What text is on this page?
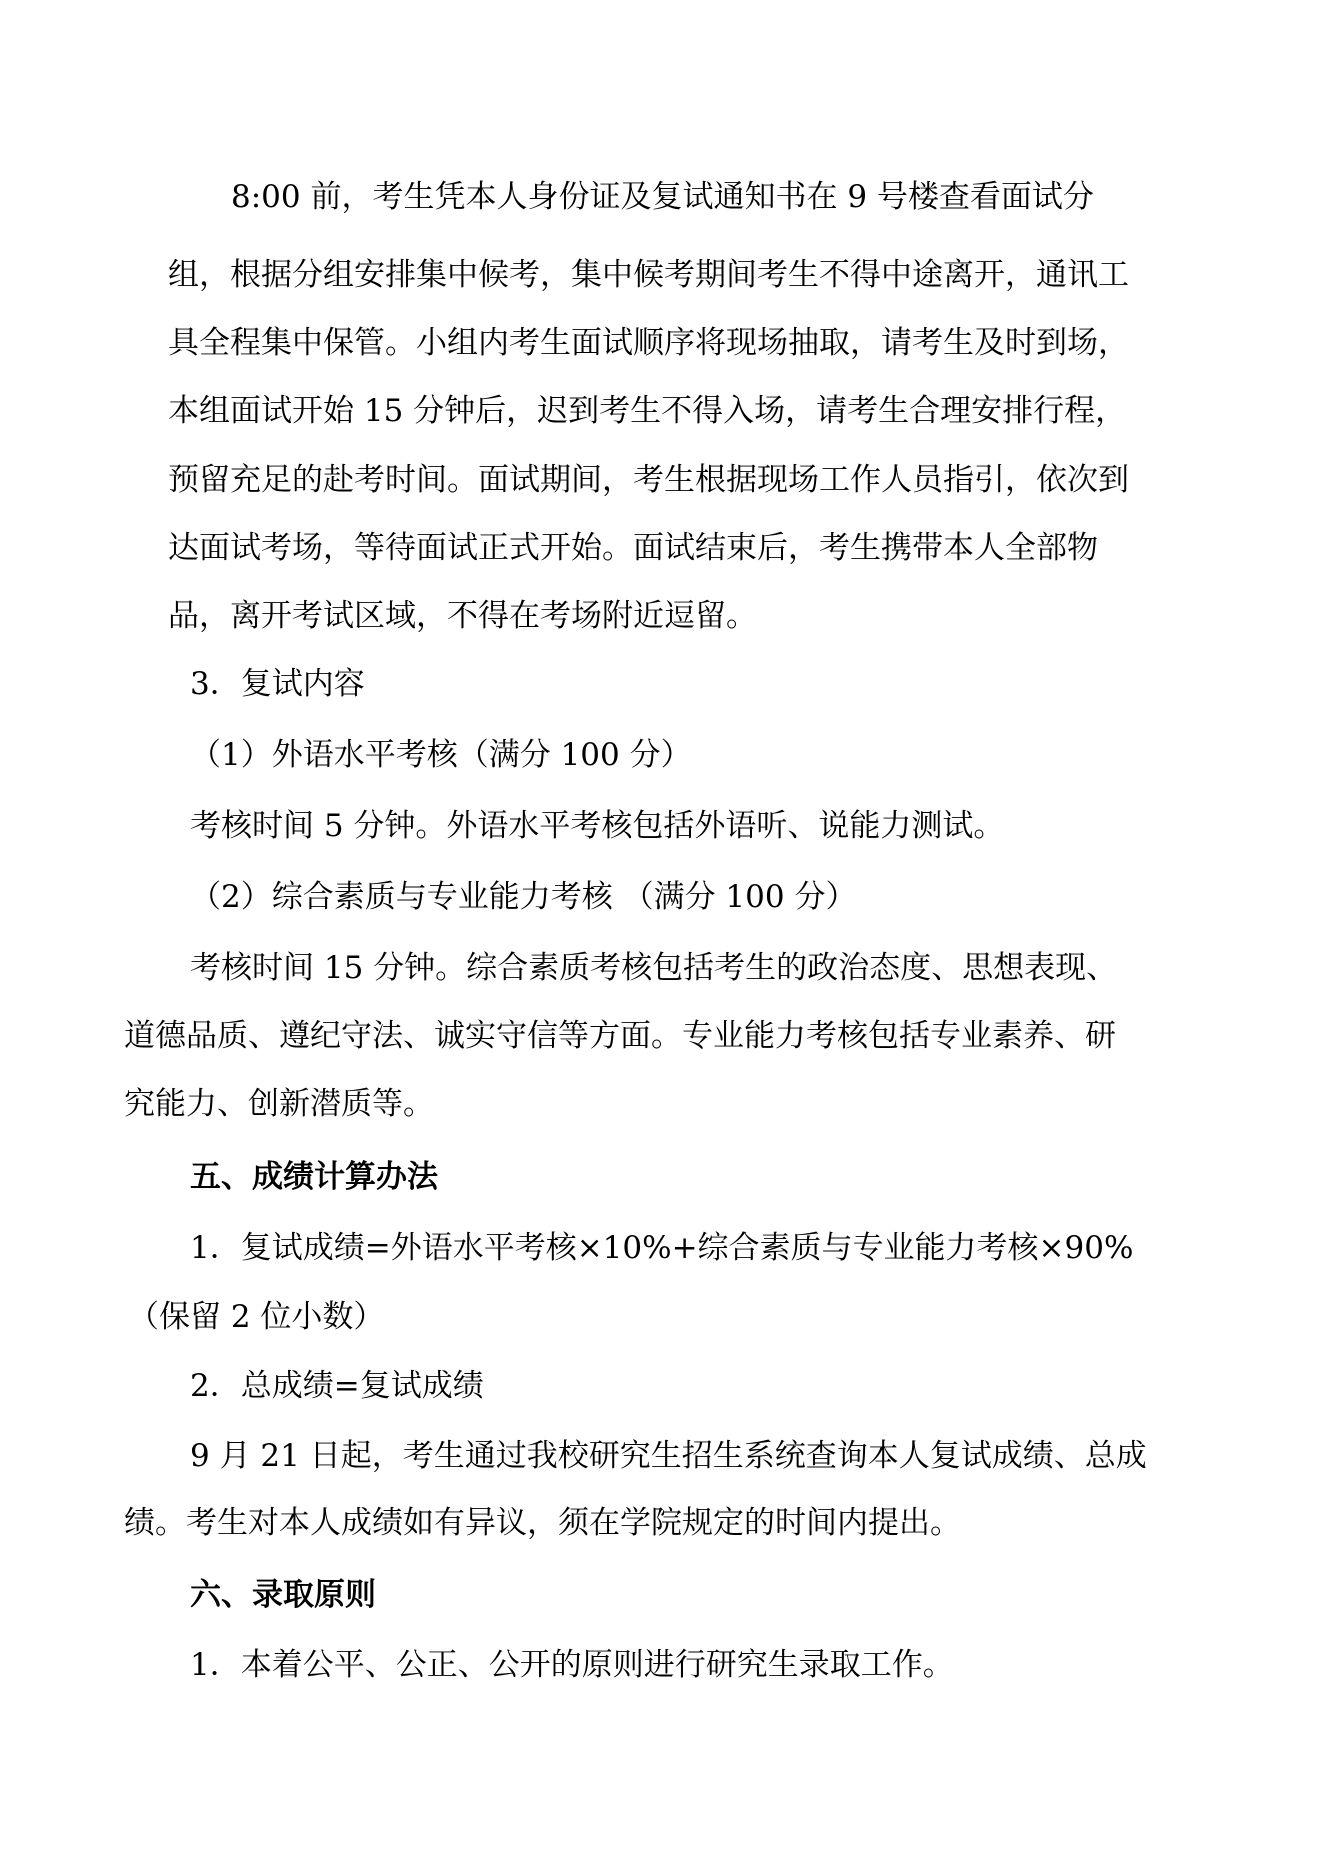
8:00 前，考生凭本人身份证及复试通知书在 9 号楼查看面试分
组，根据分组安排集中候考，集中候考期间考生不得中途离开，通讯工
具全程集中保管。小组内考生面试顺序将现场抽取，请考生及时到场，
本组面试开始 15 分钟后，迟到考生不得入场，请考生合理安排行程，
预留充足的赴考时间。面试期间，考生根据现场工作人员指引，依次到
达面试考场，等待面试正式开始。面试结束后，考生携带本人全部物
品，离开考试区域，不得在考场附近逗留。
3．复试内容
（1）外语水平考核（满分 100 分）
考核时间 5 分钟。外语水平考核包括外语听、说能力测试。
（2）综合素质与专业能力考核 （满分 100 分）
考核时间 15 分钟。综合素质考核包括考生的政治态度、思想表现、
道德品质、遵纪守法、诚实守信等方面。专业能力考核包括专业素养、研
究能力、创新潜质等。
五、成绩计算办法
1．复试成绩=外语水平考核×10%+综合素质与专业能力考核×90%
（保留 2 位小数）
2．总成绩=复试成绩
9 月 21 日起，考生通过我校研究生招生系统查询本人复试成绩、总成
绩。考生对本人成绩如有异议，须在学院规定的时间内提出。
六、录取原则
1．本着公平、公正、公开的原则进行研究生录取工作。
